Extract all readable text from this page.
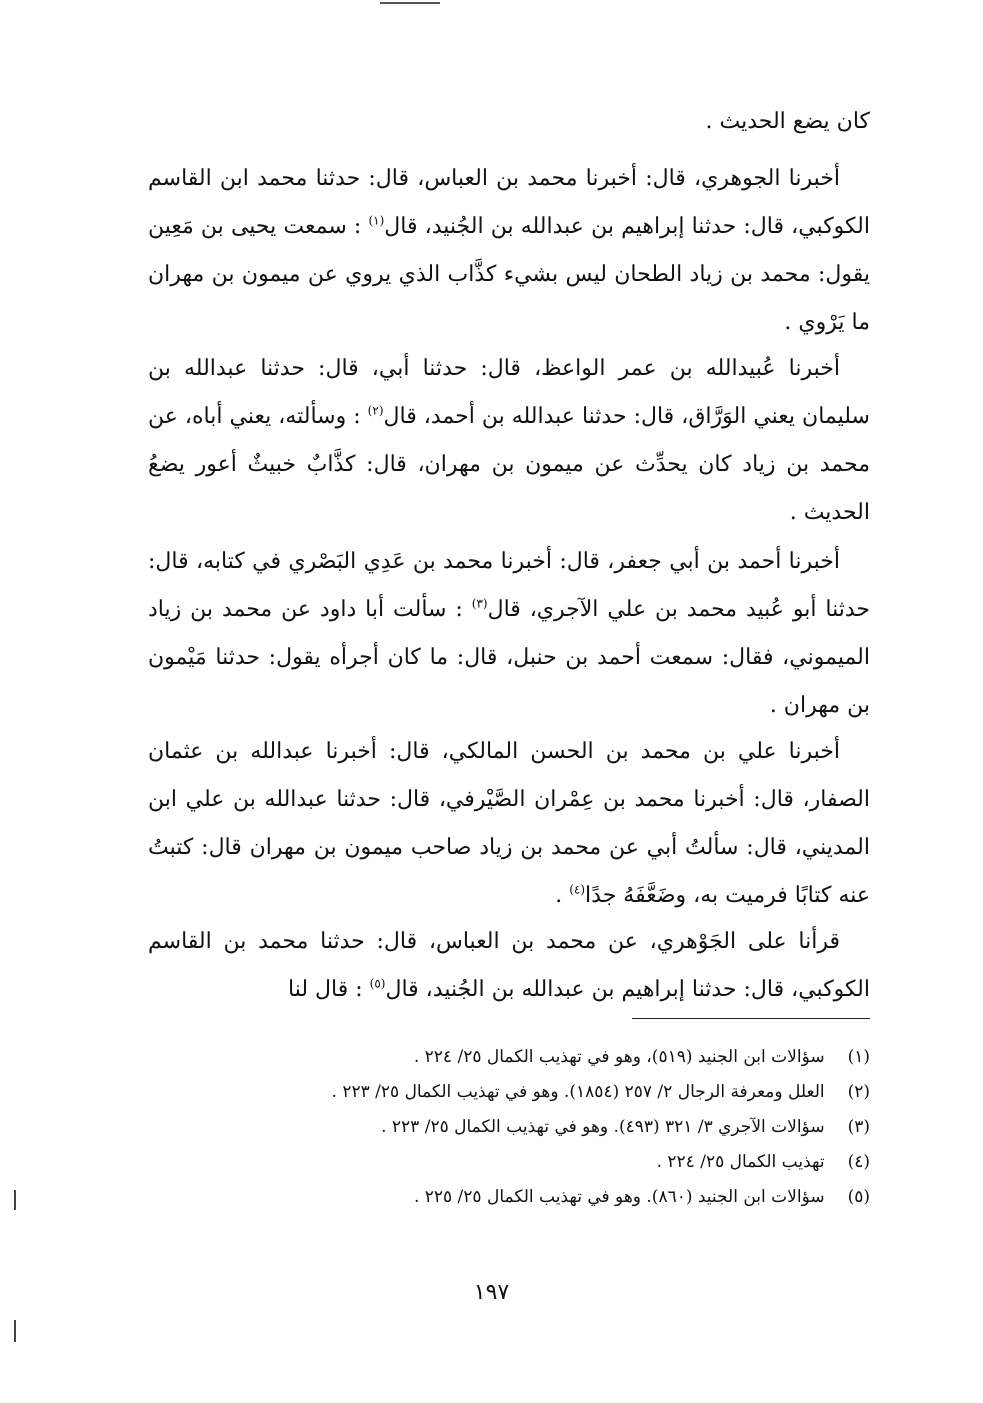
كان يضع الحديث .

أخبرنا الجوهري، قال: أخبرنا محمد بن العباس، قال: حدثنا محمد ابن القاسم الكوكبي، قال: حدثنا إبراهيم بن عبدالله بن الجُنيد، قال$^{(١)}$ : سمعت يحيى بن مَعِين يقول: محمد بن زياد الطحان ليس بشيء كذَّاب الذي يروي عن ميمون بن مهران ما يَرْوي .

أخبرنا عُبيدالله بن عمر الواعظ، قال: حدثنا أبي، قال: حدثنا عبدالله بن سليمان يعني الوَرَّاق، قال: حدثنا عبدالله بن أحمد، قال$^{(٢)}$ : وسألته، يعني أباه، عن محمد بن زياد كان يحدِّث عن ميمون بن مهران، قال: كذَّابٌ خبيثٌ أعور يضعُ الحديث .

أخبرنا أحمد بن أبي جعفر، قال: أخبرنا محمد بن عَدِي البَصْري في كتابه، قال: حدثنا أبو عُبيد محمد بن علي الآجري، قال$^{(٣)}$ : سألت أبا داود عن محمد بن زياد الميموني، فقال: سمعت أحمد بن حنبل، قال: ما كان أجرأه يقول: حدثنا مَيْمون بن مهران .

أخبرنا علي بن محمد بن الحسن المالكي، قال: أخبرنا عبدالله بن عثمان الصفار، قال: أخبرنا محمد بن عِمْران الصَّيْرفي، قال: حدثنا عبدالله بن علي ابن المديني، قال: سألتُ أبي عن محمد بن زياد صاحب ميمون بن مهران قال: كتبتُ عنه كتابًا فرميت به، وضَعَّفَهُ جدًا$^{(٤)}$ .

قرأنا على الجَوْهري، عن محمد بن العباس، قال: حدثنا محمد بن القاسم الكوكبي، قال: حدثنا إبراهيم بن عبدالله بن الجُنيد، قال$^{(٥)}$ : قال لنا

(١) سؤالات ابن الجنيد (٥١٩)، وهو في تهذيب الكمال ٢٥/ ٢٢٤ .
(٢) العلل ومعرفة الرجال ٢/ ٢٥٧ (١٨٥٤). وهو في تهذيب الكمال ٢٥/ ٢٢٣ .
(٣) سؤالات الآجري ٣/ ٣٢١ (٤٩٣). وهو في تهذيب الكمال ٢٥/ ٢٢٣ .
(٤) تهذيب الكمال ٢٥/ ٢٢٤ .
(٥) سؤالات ابن الجنيد (٨٦٠). وهو في تهذيب الكمال ٢٥/ ٢٢٥ .
١٩٧
